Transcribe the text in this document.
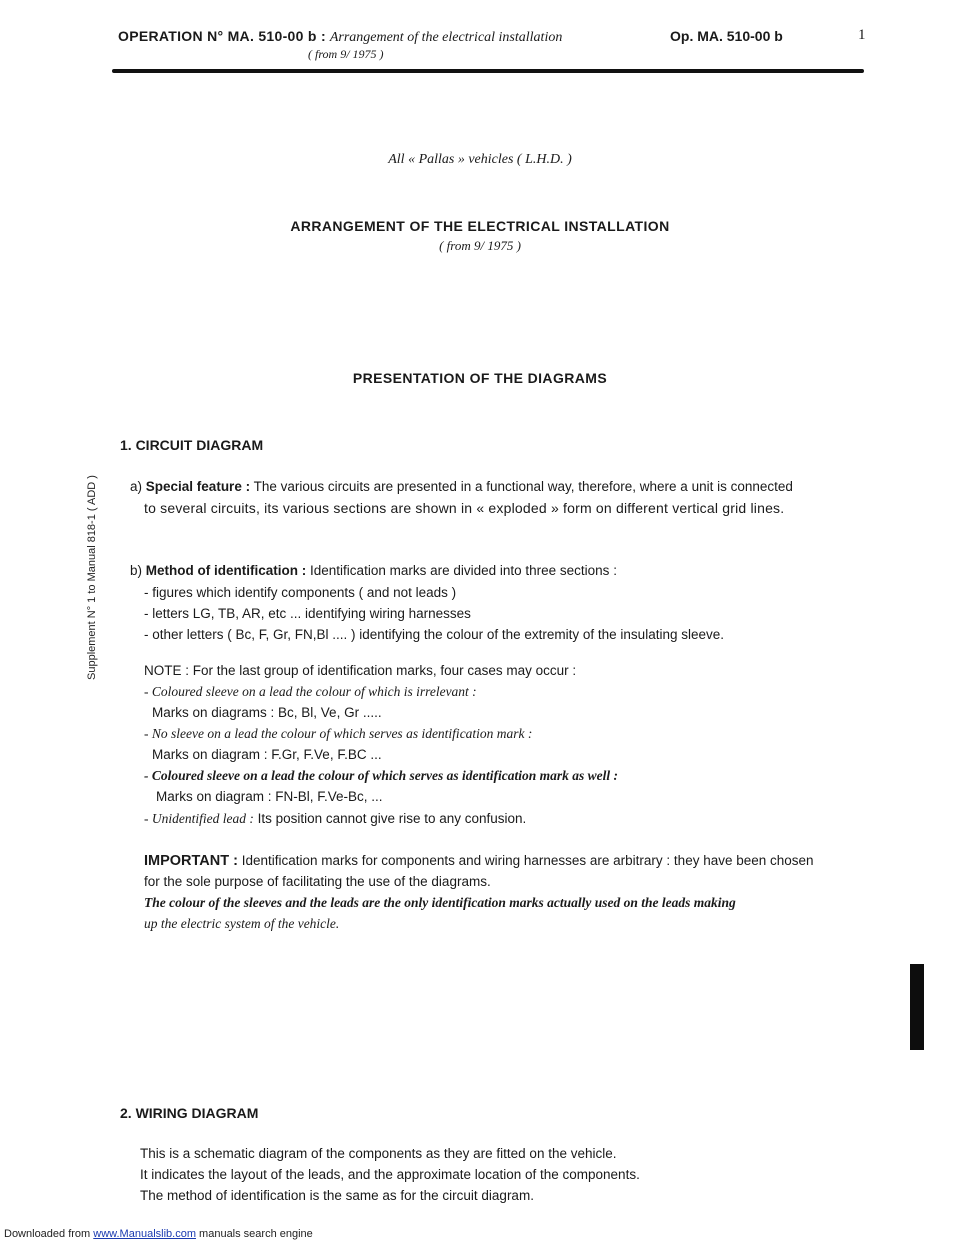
OPERATION N° MA. 510-00 b : Arrangement of the electrical installation
( from 9/ 1975 )
Op. MA. 510-00 b	1
All « Pallas » vehicles ( L.H.D. )
ARRANGEMENT OF THE ELECTRICAL INSTALLATION
( from 9/ 1975 )
PRESENTATION OF THE DIAGRAMS
1. CIRCUIT DIAGRAM
a) Special feature : The various circuits are presented in a functional way, therefore, where a unit is connected
to several circuits, its various sections are shown in « exploded » form on different vertical grid lines.
b) Method of identification : Identification marks are divided into three sections :
- figures which identify components ( and not leads )
- letters LG, TB, AR, etc ... identifying wiring harnesses
- other letters ( Bc, F, Gr, FN,Bl .... ) identifying the colour of the extremity of the insulating sleeve.
NOTE : For the last group of identification marks, four cases may occur :
- Coloured sleeve on a lead the colour of which is irrelevant :
Marks on diagrams : Bc, Bl, Ve, Gr .....
- No sleeve on a lead the colour of which serves as identification mark :
Marks on diagram : F.Gr, F.Ve, F.BC ...
- Coloured sleeve on a lead the colour of which serves as identification mark as well :
Marks on diagram : FN-Bl, F.Ve-Bc, ...
- Unidentified lead : Its position cannot give rise to any confusion.
IMPORTANT : Identification marks for components and wiring harnesses are arbitrary : they have been chosen
for the sole purpose of facilitating the use of the diagrams.
The colour of the sleeves and the leads are the only identification marks actually used on the leads making
up the electric system of the vehicle.
2. WIRING DIAGRAM
This is a schematic diagram of the components as they are fitted on the vehicle.
It indicates the layout of the leads, and the approximate location of the components.
The method of identification is the same as for the circuit diagram.
Supplement N° 1 to Manual 818-1 ( ADD )
Downloaded from www.Manualslib.com manuals search engine
